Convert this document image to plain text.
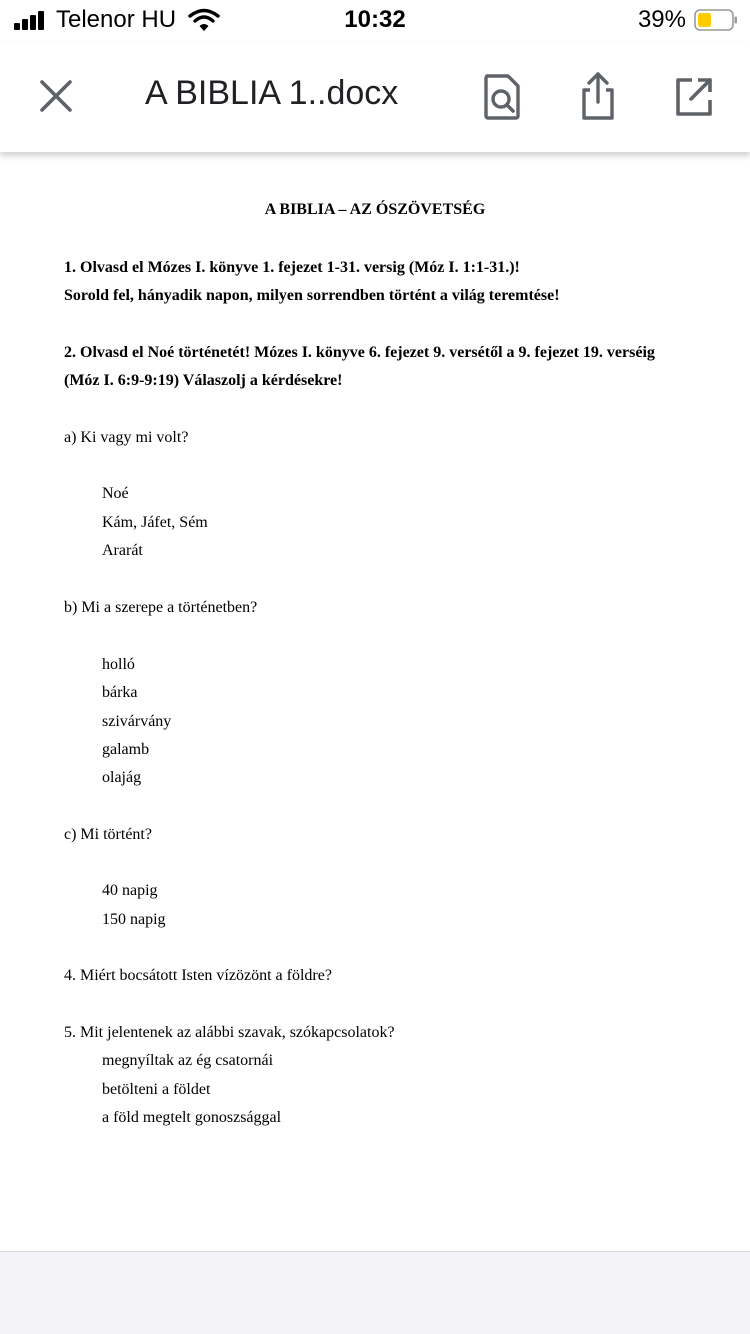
Telenor HU	10:32	39%
A BIBLIA 1..docx
A BIBLIA – AZ ÓSZÖVETSÉG
1. Olvasd el Mózes I. könyve 1. fejezet 1-31. versig (Móz I. 1:1-31.)!
Sorold fel, hányadik napon, milyen sorrendben történt a világ teremtése!
2. Olvasd el Noé történetét! Mózes I. könyve 6. fejezet 9. versétől a 9. fejezet 19. verséig
(Móz I. 6:9-9:19) Válaszolj a kérdésekre!
a) Ki vagy mi volt?
Noé
Kám, Jáfet, Sém
Ararát
b) Mi a szerepe a történetben?
holló
bárka
szivárvány
galamb
olajág
c) Mi történt?
40 napig
150 napig
4. Miért bocsátott Isten vízözönt a földre?
5. Mit jelentenek az alábbi szavak, szókapcsolatok?
megnyíltak az ég csatornái
betölteni a földet
a föld megtelt gonoszsággal
